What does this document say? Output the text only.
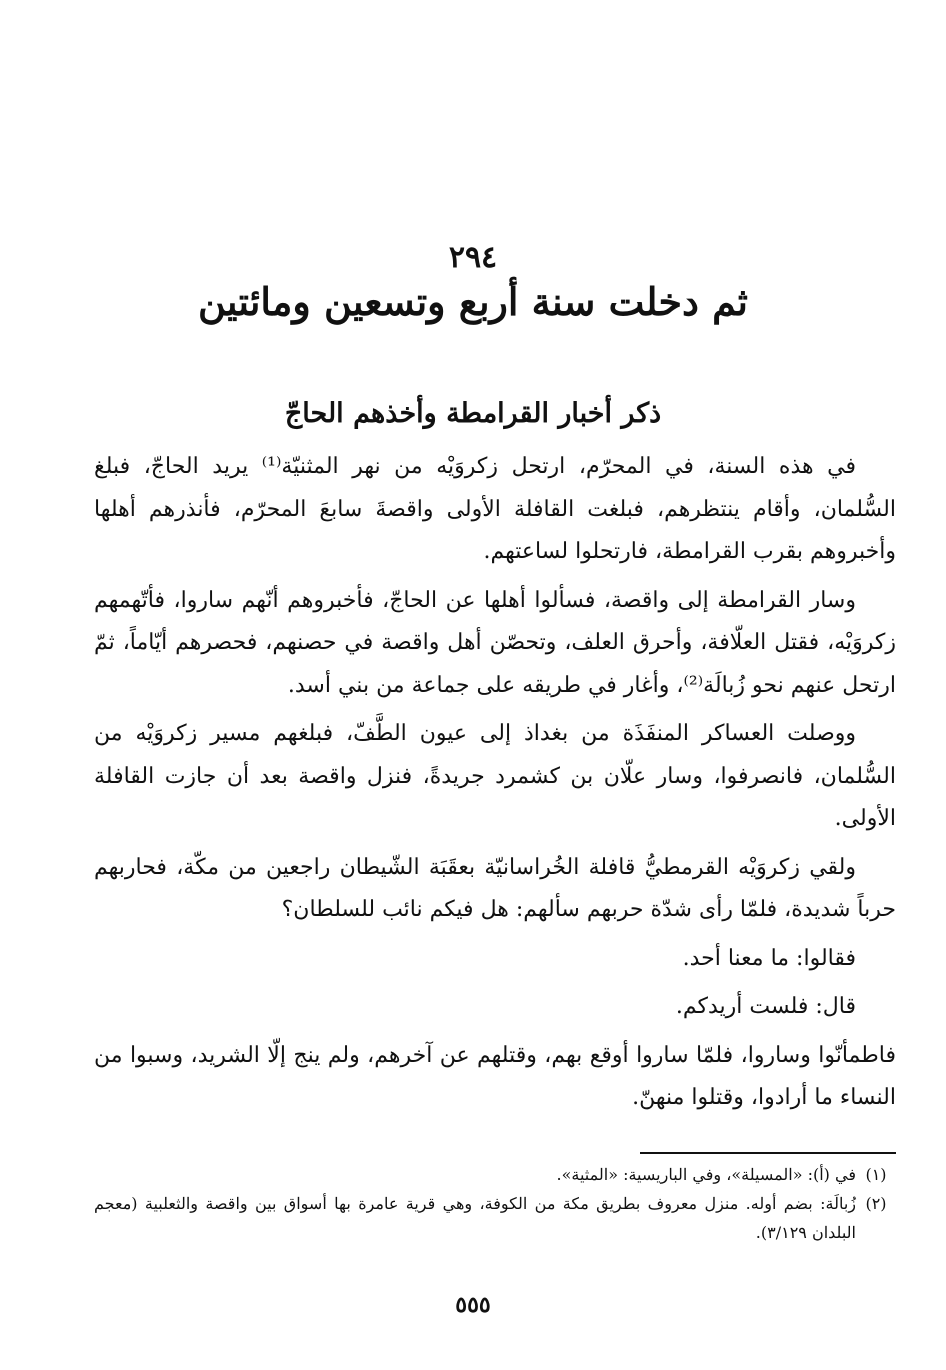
٢٩٤
ثم دخلت سنة أربع وتسعين ومائتين
ذكر أخبار القرامطة وأخذهم الحاجّ

في هذه السنة، في المحرّم، ارتحل زكروَيْه من نهر المثنيّة⁽¹⁾ يريد الحاجّ، فبلغ السُّلمان، وأقام ينتظرهم، فبلغت القافلة الأولى واقصةَ سابعَ المحرّم، فأنذرهم أهلها وأخبروهم بقرب القرامطة، فارتحلوا لساعتهم.

وسار القرامطة إلى واقصة، فسألوا أهلها عن الحاجّ، فأخبروهم أنّهم ساروا، فأتّهمهم زكروَيْه، فقتل العلّافة، وأحرق العلف، وتحصّن أهل واقصة في حصنهم، فحصرهم أيّاماً، ثمّ ارتحل عنهم نحو زُبالَة⁽²⁾، وأغار في طريقه على جماعة من بني أسد.

ووصلت العساكر المنفَذَة من بغداذ إلى عيون الطَّفّ، فبلغهم مسير زكروَيْه من السُّلمان، فانصرفوا، وسار علّان بن كشمرد جريدةً، فنزل واقصة بعد أن جازت القافلة الأولى.

ولقي زكروَيْه القرمطيُّ قافلة الخُراسانيّة بعقَبَة الشّيطان راجعين من مكّة، فحاربهم حرباً شديدة، فلمّا رأى شدّة حربهم سألهم: هل فيكم نائب للسلطان؟

فقالوا: ما معنا أحد.

قال: فلست أريدكم.

فاطمأنّوا وساروا، فلمّا ساروا أوقع بهم، وقتلهم عن آخرهم، ولم ينج إلّا الشريد، وسبوا من النساء ما أرادوا، وقتلوا منهنّ.

(١)
في (أ): «المسيلة»، وفي الباريسية: «المثية».
(٢)
زُبالَة: بضم أوله. منزل معروف بطريق مكة من الكوفة، وهي قرية عامرة بها أسواق بين واقصة والثعلبية (معجم البلدان ٣/١٢٩).
٥٥٥
